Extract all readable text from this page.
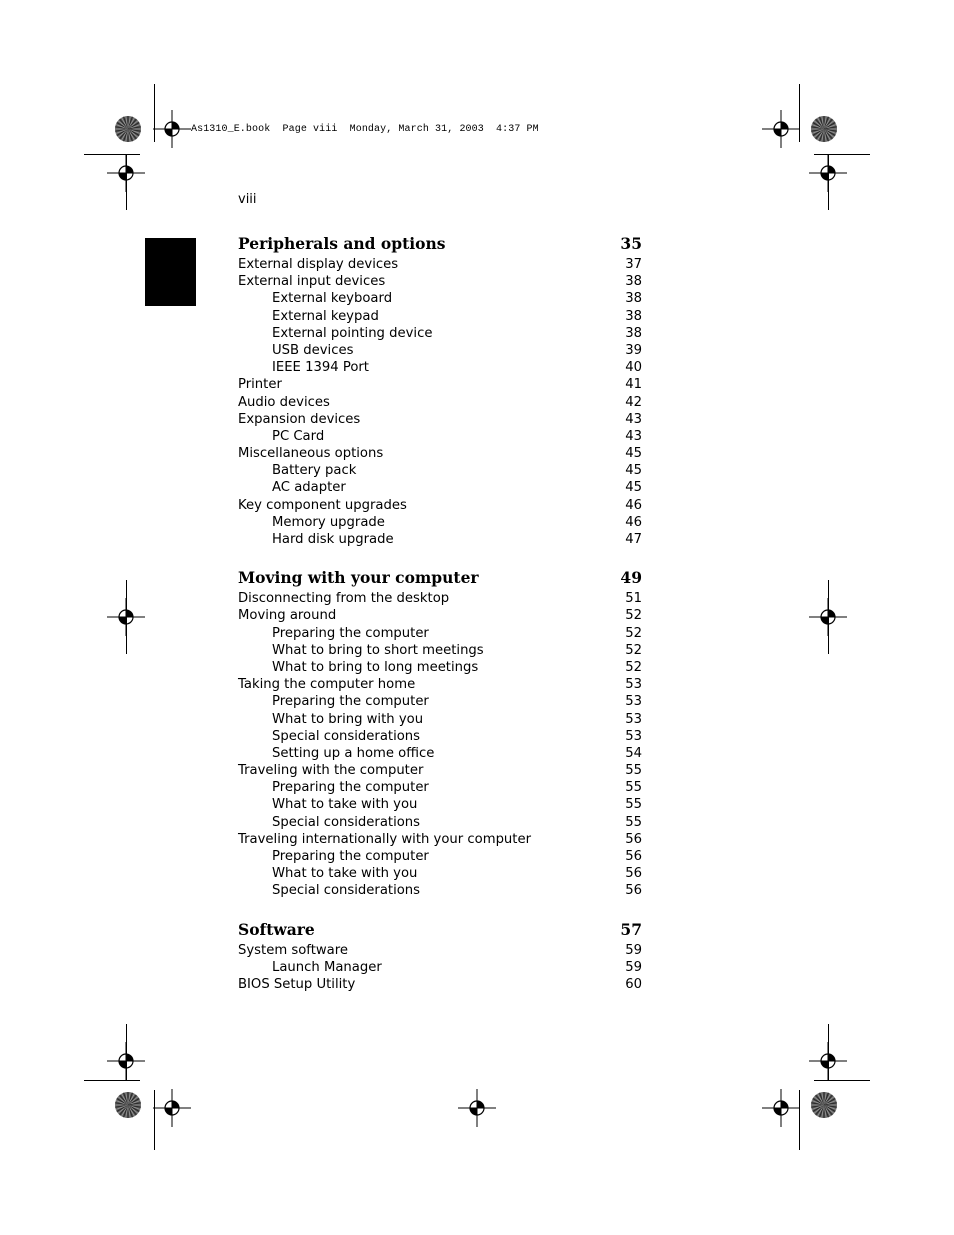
As1310_E.book  Page viii  Monday, March 31, 2003  4:37 PM
viii
Peripherals and options	35
External display devices	37
External input devices	38
External keyboard	38
External keypad	38
External pointing device	38
USB devices	39
IEEE 1394 Port	40
Printer	41
Audio devices	42
Expansion devices	43
PC Card	43
Miscellaneous options	45
Battery pack	45
AC adapter	45
Key component upgrades	46
Memory upgrade	46
Hard disk upgrade	47
Moving with your computer	49
Disconnecting from the desktop	51
Moving around	52
Preparing the computer	52
What to bring to short meetings	52
What to bring to long meetings	52
Taking the computer home	53
Preparing the computer	53
What to bring with you	53
Special considerations	53
Setting up a home office	54
Traveling with the computer	55
Preparing the computer	55
What to take with you	55
Special considerations	55
Traveling internationally with your computer	56
Preparing the computer	56
What to take with you	56
Special considerations	56
Software	57
System software	59
Launch Manager	59
BIOS Setup Utility	60
